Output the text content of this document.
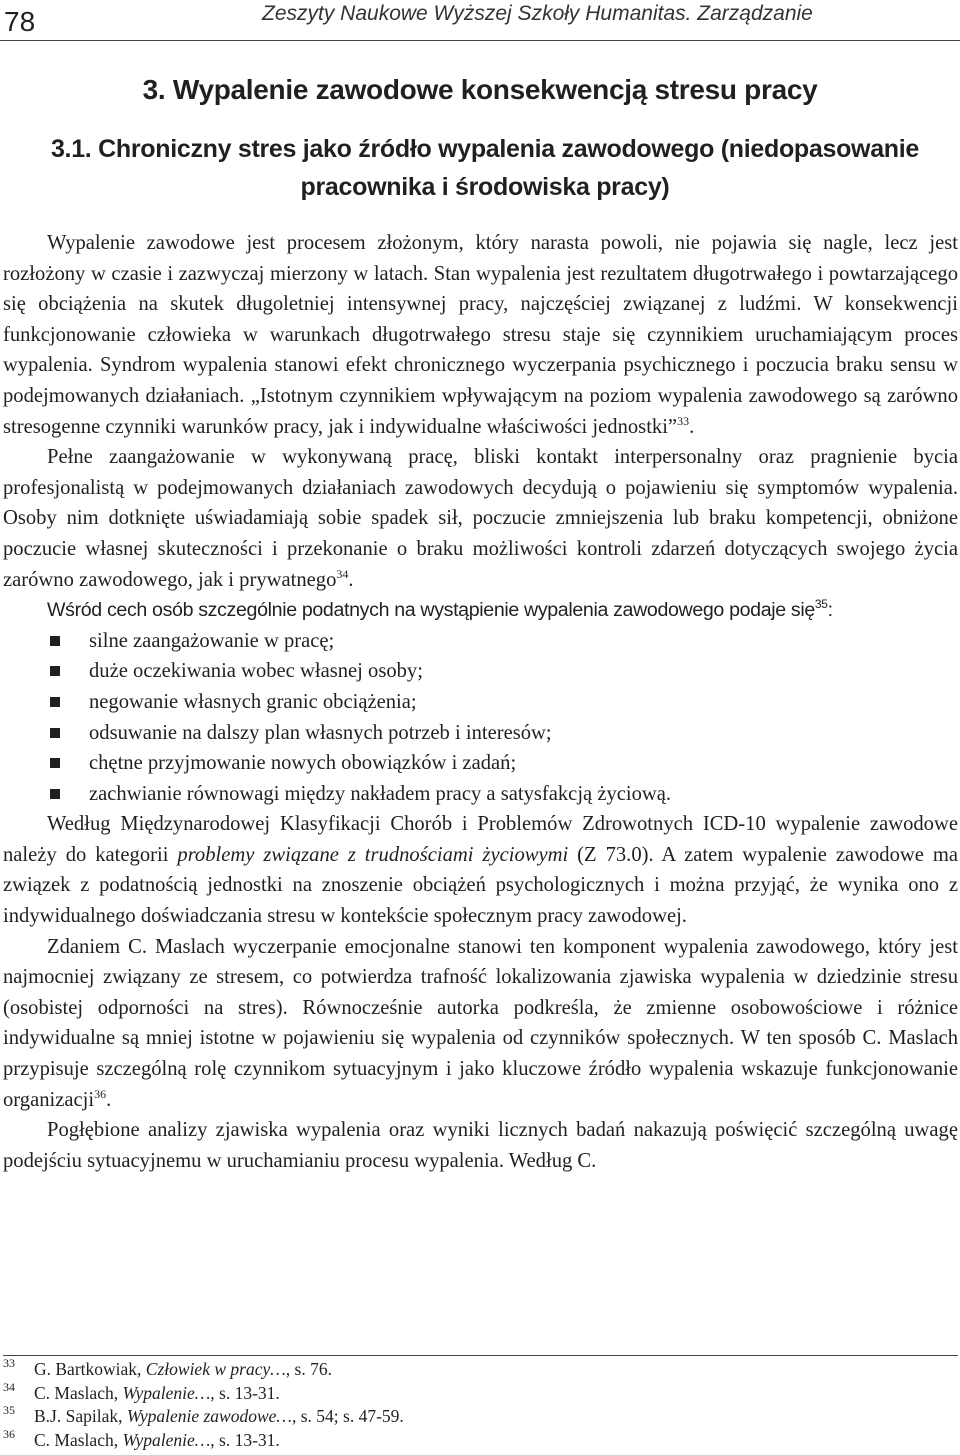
78	Zeszyty Naukowe Wyższej Szkoły Humanitas. Zarządzanie
3. Wypalenie zawodowe konsekwencją stresu pracy
3.1. Chroniczny stres jako źródło wypalenia zawodowego (niedopasowanie pracownika i środowiska pracy)

Wypalenie zawodowe jest procesem złożonym, który narasta powoli, nie pojawia się nagle, lecz jest rozłożony w czasie i zazwyczaj mierzony w latach. Stan wypalenia jest rezultatem długotrwałego i powtarzającego się obciążenia na skutek długoletniej intensywnej pracy, najczęściej związanej z ludźmi. W konsekwencji funkcjonowanie człowieka w warunkach długotrwałego stresu staje się czynnikiem uruchamiającym proces wypalenia. Syndrom wypalenia stanowi efekt chronicznego wyczerpania psychicznego i poczucia braku sensu w podejmowanych działaniach. „Istotnym czynnikiem wpływającym na poziom wypalenia zawodowego są zarówno stresogenne czynniki warunków pracy, jak i indywidualne właściwości jednostki”$^{33}$.

Pełne zaangażowanie w wykonywaną pracę, bliski kontakt interpersonalny oraz pragnienie bycia profesjonalistą w podejmowanych działaniach zawodowych decydują o pojawieniu się symptomów wypalenia. Osoby nim dotknięte uświadamiają sobie spadek sił, poczucie zmniejszenia lub braku kompetencji, obniżone poczucie własnej skuteczności i przekonanie o braku możliwości kontroli zdarzeń dotyczących swojego życia zarówno zawodowego, jak i prywatnego$^{34}$.

Wśród cech osób szczególnie podatnych na wystąpienie wypalenia zawodowego podaje się$^{35}$:

silne zaangażowanie w pracę;
duże oczekiwania wobec własnej osoby;
negowanie własnych granic obciążenia;
odsuwanie na dalszy plan własnych potrzeb i interesów;
chętne przyjmowanie nowych obowiązków i zadań;
zachwianie równowagi między nakładem pracy a satysfakcją życiową.

Według Międzynarodowej Klasyfikacji Chorób i Problemów Zdrowotnych ICD-10 wypalenie zawodowe należy do kategorii problemy związane z trudnościami życiowymi (Z 73.0). A zatem wypalenie zawodowe ma związek z podatnością jednostki na znoszenie obciążeń psychologicznych i można przyjąć, że wynika ono z indywidualnego doświadczania stresu w kontekście społecznym pracy zawodowej.

Zdaniem C. Maslach wyczerpanie emocjonalne stanowi ten komponent wypalenia zawodowego, który jest najmocniej związany ze stresem, co potwierdza trafność lokalizowania zjawiska wypalenia w dziedzinie stresu (osobistej odporności na stres). Równocześnie autorka podkreśla, że zmienne osobowościowe i różnice indywidualne są mniej istotne w pojawieniu się wypalenia od czynników społecznych. W ten sposób C. Maslach przypisuje szczególną rolę czynnikom sytuacyjnym i jako kluczowe źródło wypalenia wskazuje funkcjonowanie organizacji$^{36}$.

Pogłębione analizy zjawiska wypalenia oraz wyniki licznych badań nakazują poświęcić szczególną uwagę podejściu sytuacyjnemu w uruchamianiu procesu wypalenia. Według C.

33 G. Bartkowiak, Człowiek w pracy…, s. 76.
34 C. Maslach, Wypalenie…, s. 13-31.
35 B.J. Sapilak, Wypalenie zawodowe…, s. 54; s. 47-59.
36 C. Maslach, Wypalenie…, s. 13-31.
